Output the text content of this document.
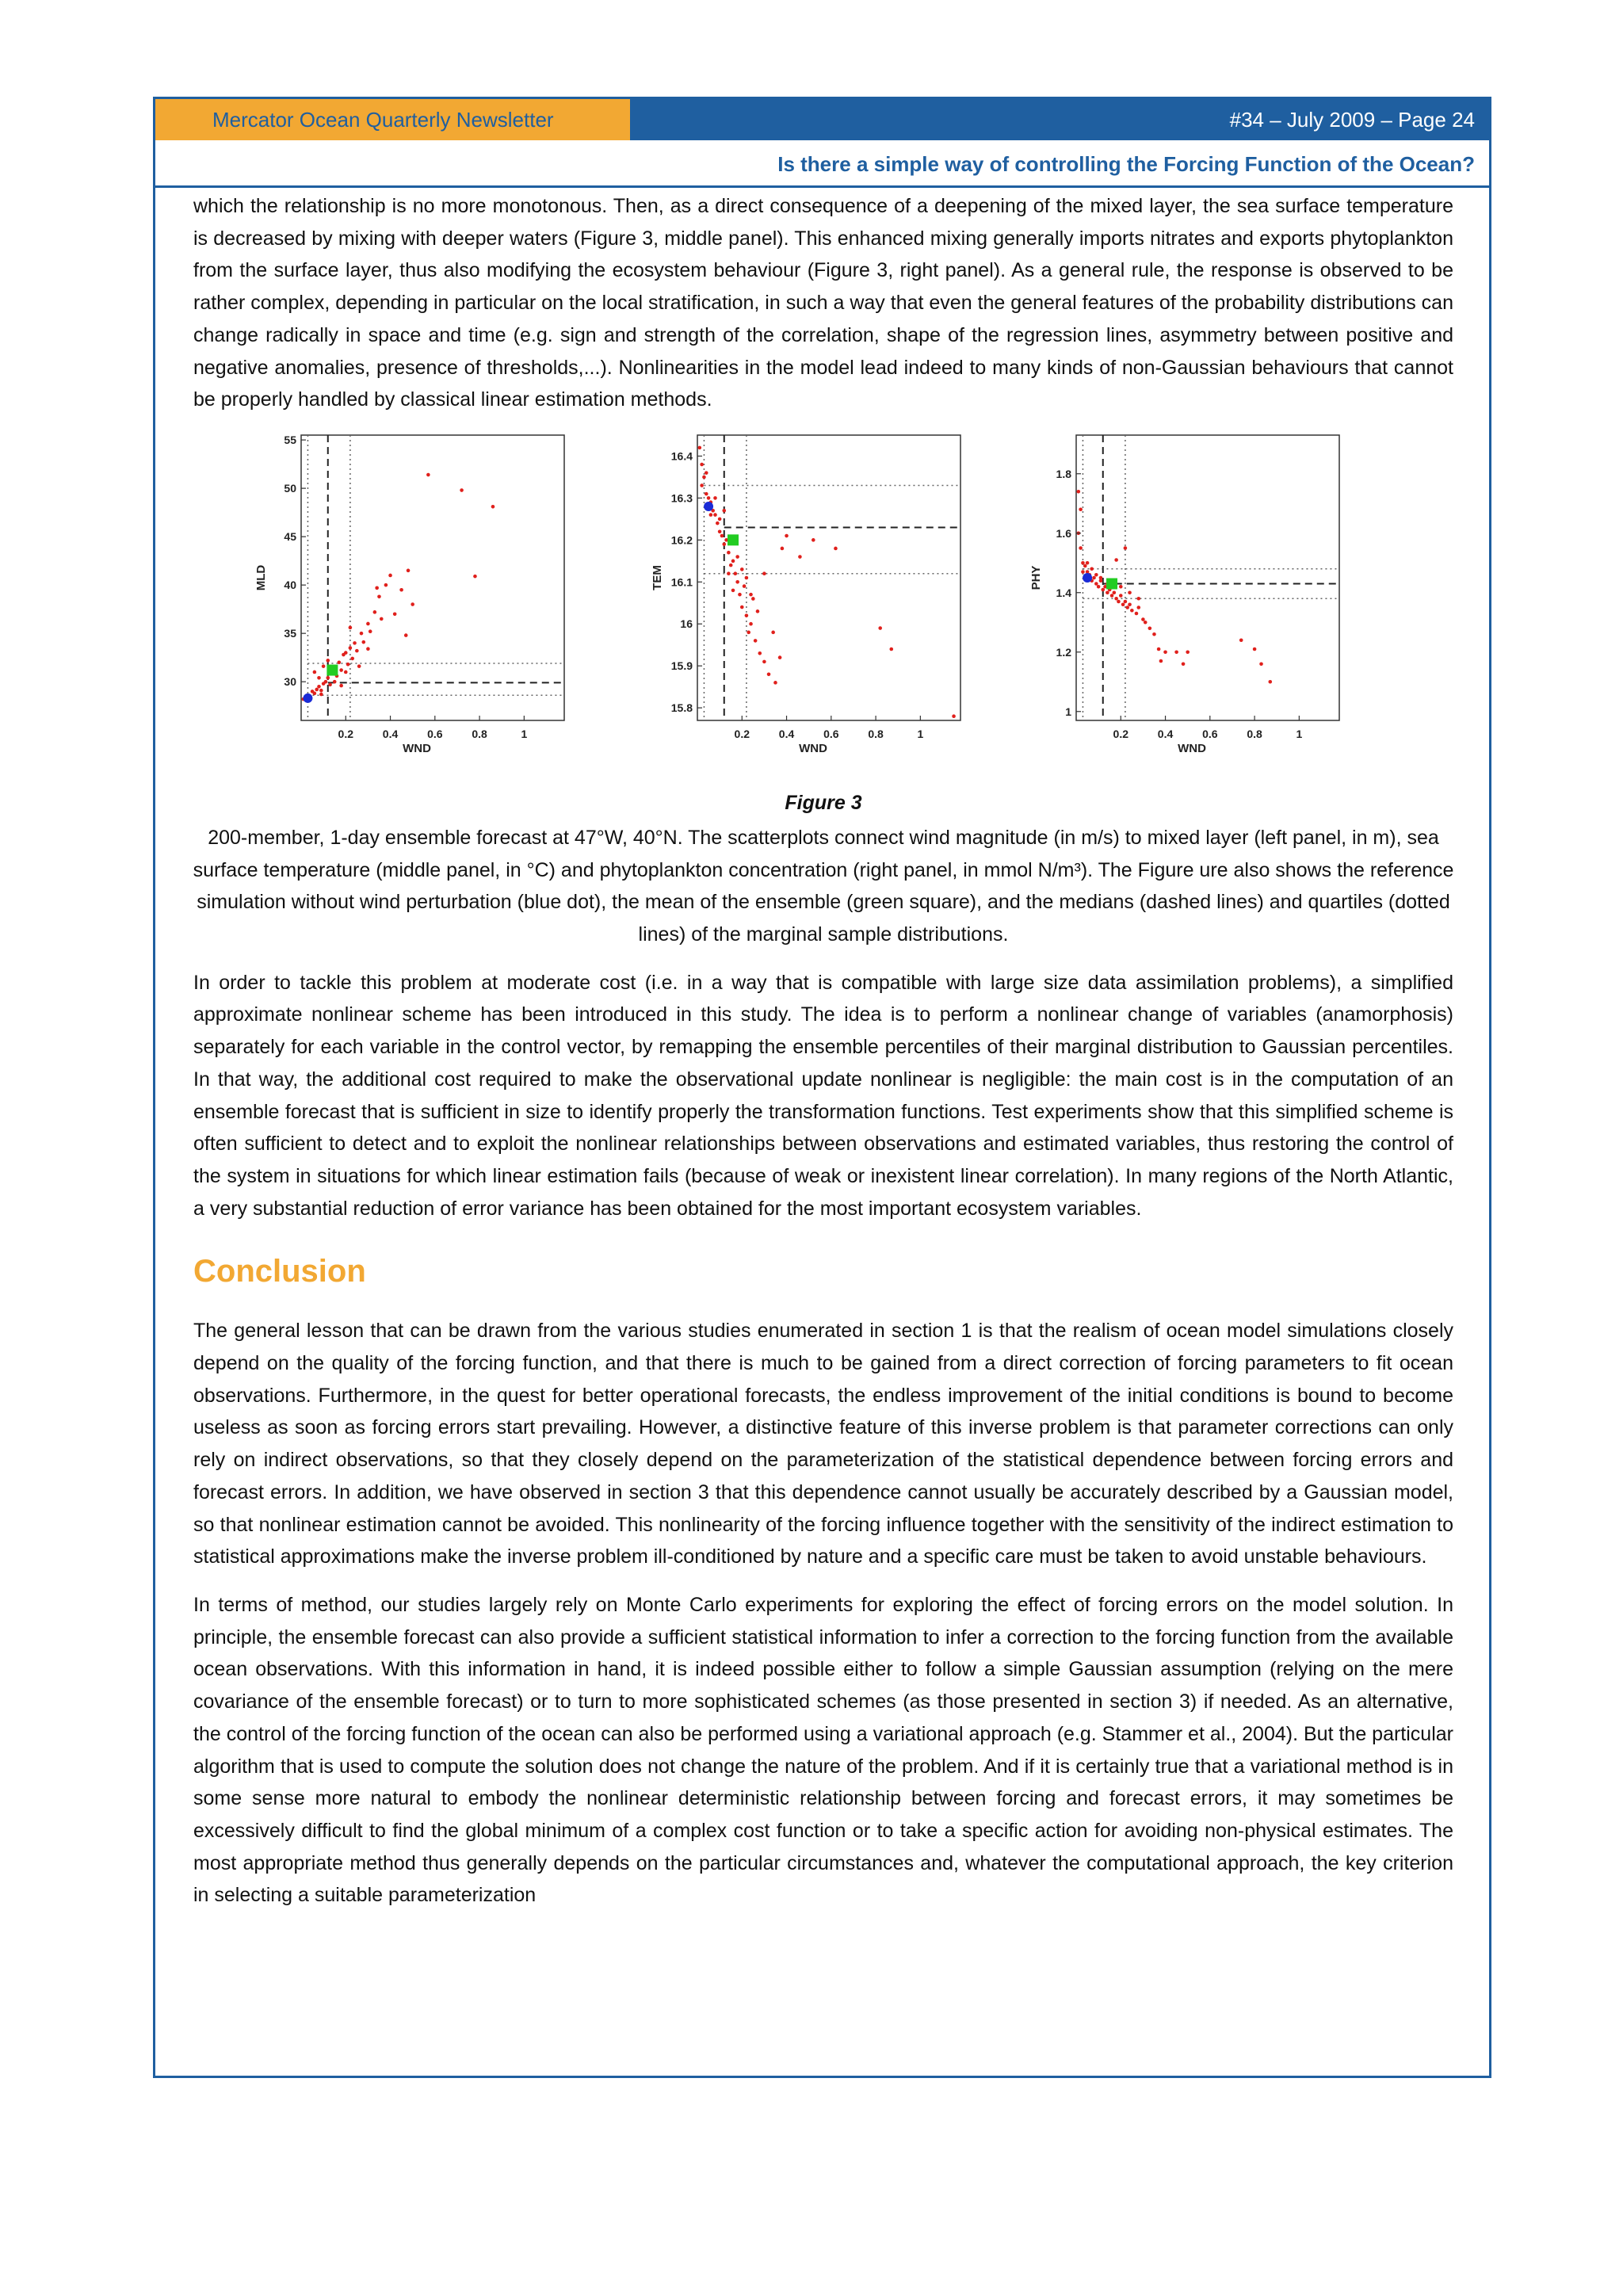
Mercator Ocean Quarterly Newsletter	#34 – July 2009 – Page 24
Is there a simple way of controlling the Forcing Function of the Ocean?

which the relationship is no more monotonous. Then, as a direct consequence of a deepening of the mixed layer, the sea surface temperature is decreased by mixing with deeper waters (Figure 3, middle panel). This enhanced mixing generally imports nitrates and exports phytoplankton from the surface layer, thus also modifying the ecosystem behaviour (Figure 3, right panel). As a general rule, the response is observed to be rather complex, depending in particular on the local stratification, in such a way that even the general features of the probability distributions can change radically in space and time (e.g. sign and strength of the correlation, shape of the regression lines, asymmetry between positive and negative anomalies, presence of thresholds,...). Nonlinearities in the model lead indeed to many kinds of non-Gaussian behaviours that cannot be properly handled by classical linear estimation methods.

0.2	0.4	0.6	0.8	1
30
35
40
45
50
55
WND
MLD
0.2	0.4	0.6	0.8	1
15.8
15.9
16
16.1
16.2
16.3
16.4
WND
TEM
0.2	0.4	0.6	0.8	1
1
1.2
1.4
1.6
1.8
WND
PHY
Figure 3

200-member, 1-day ensemble forecast at 47°W, 40°N. The scatterplots connect wind magnitude (in m/s) to mixed layer (left panel, in m), sea surface temperature (middle panel, in °C) and phytoplankton concentration (right panel, in mmol N/m³). The Figure ure also shows the reference simulation without wind perturbation (blue dot), the mean of the ensemble (green square), and the medians (dashed lines) and quartiles (dotted lines) of the marginal sample distributions.

In order to tackle this problem at moderate cost (i.e. in a way that is compatible with large size data assimilation problems), a simplified approximate nonlinear scheme has been introduced in this study. The idea is to perform a nonlinear change of variables (anamorphosis) separately for each variable in the control vector, by remapping the ensemble percentiles of their marginal distribution to Gaussian percentiles. In that way, the additional cost required to make the observational update nonlinear is negligible: the main cost is in the computation of an ensemble forecast that is sufficient in size to identify properly the transformation functions. Test experiments show that this simplified scheme is often sufficient to detect and to exploit the nonlinear relationships between observations and estimated variables, thus restoring the control of the system in situations for which linear estimation fails (because of weak or inexistent linear correlation). In many regions of the North Atlantic, a very substantial reduction of error variance has been obtained for the most important ecosystem variables.

Conclusion

The general lesson that can be drawn from the various studies enumerated in section 1 is that the realism of ocean model simulations closely depend on the quality of the forcing function, and that there is much to be gained from a direct correction of forcing parameters to fit ocean observations. Furthermore, in the quest for better operational forecasts, the endless improvement of the initial conditions is bound to become useless as soon as forcing errors start prevailing. However, a distinctive feature of this inverse problem is that parameter corrections can only rely on indirect observations, so that they closely depend on the parameterization of the statistical dependence between forcing errors and forecast errors. In addition, we have observed in section 3 that this dependence cannot usually be accurately described by a Gaussian model, so that nonlinear estimation cannot be avoided. This nonlinearity of the forcing influence together with the sensitivity of the indirect estimation to statistical approximations make the inverse problem ill-conditioned by nature and a specific care must be taken to avoid unstable behaviours.

In terms of method, our studies largely rely on Monte Carlo experiments for exploring the effect of forcing errors on the model solution. In principle, the ensemble forecast can also provide a sufficient statistical information to infer a correction to the forcing function from the available ocean observations. With this information in hand, it is indeed possible either to follow a simple Gaussian assumption (relying on the mere covariance of the ensemble forecast) or to turn to more sophisticated schemes (as those presented in section 3) if needed. As an alternative, the control of the forcing function of the ocean can also be performed using a variational approach (e.g. Stammer et al., 2004). But the particular algorithm that is used to compute the solution does not change the nature of the problem. And if it is certainly true that a variational method is in some sense more natural to embody the nonlinear deterministic relationship between forcing and forecast errors, it may sometimes be excessively difficult to find the global minimum of a complex cost function or to take a specific action for avoiding non-physical estimates. The most appropriate method thus generally depends on the particular circumstances and, whatever the computational approach, the key criterion in selecting a suitable parameterization
